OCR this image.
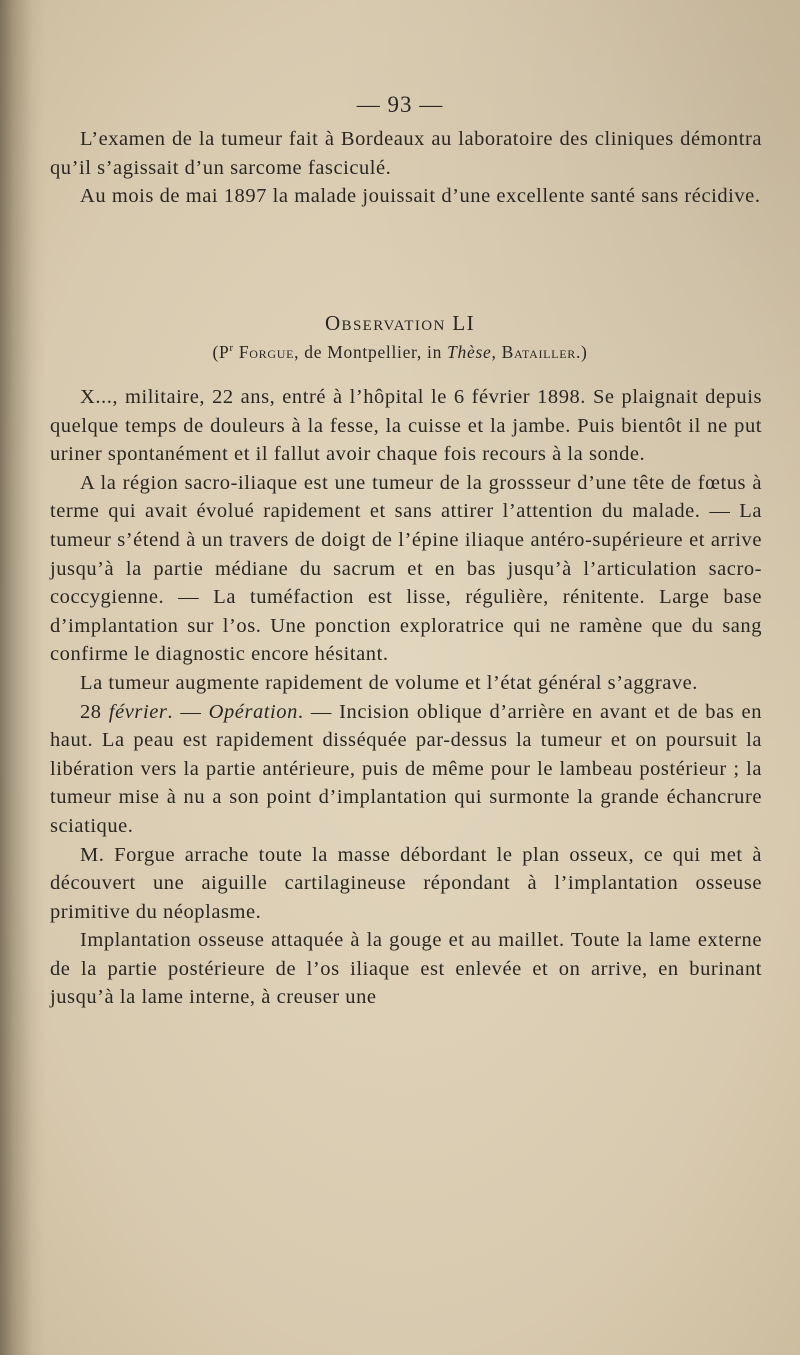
— 93 —

L’examen de la tumeur fait à Bordeaux au laboratoire des cliniques démontra qu’il s’agissait d’un sarcome fasciculé.

Au mois de mai 1897 la malade jouissait d’une excellente santé sans récidive.

Observation LI
($P^r$ Forgue, de Montpellier, in Thèse, Batailler.)

X..., militaire, 22 ans, entré à l’hôpital le 6 février 1898. Se plaignait depuis quelque temps de douleurs à la fesse, la cuisse et la jambe. Puis bientôt il ne put uriner spontanément et il fallut avoir chaque fois recours à la sonde.

A la région sacro-iliaque est une tumeur de la grossseur d’une tête de fœtus à terme qui avait évolué rapidement et sans attirer l’attention du malade. — La tumeur s’étend à un travers de doigt de l’épine iliaque antéro-supérieure et arrive jusqu’à la partie médiane du sacrum et en bas jusqu’à l’articulation sacro-coccygienne. — La tuméfaction est lisse, régulière, rénitente. Large base d’implantation sur l’os. Une ponction exploratrice qui ne ramène que du sang confirme le diagnostic encore hésitant.

La tumeur augmente rapidement de volume et l’état général s’aggrave.

28 février. — Opération. — Incision oblique d’arrière en avant et de bas en haut. La peau est rapidement disséquée par-dessus la tumeur et on poursuit la libération vers la partie antérieure, puis de même pour le lambeau postérieur ; la tumeur mise à nu a son point d’implantation qui surmonte la grande échancrure sciatique.

M. Forgue arrache toute la masse débordant le plan osseux, ce qui met à découvert une aiguille cartilagineuse répondant à l’implantation osseuse primitive du néoplasme.

Implantation osseuse attaquée à la gouge et au maillet. Toute la lame externe de la partie postérieure de l’os iliaque est enlevée et on arrive, en burinant jusqu’à la lame interne, à creuser une
